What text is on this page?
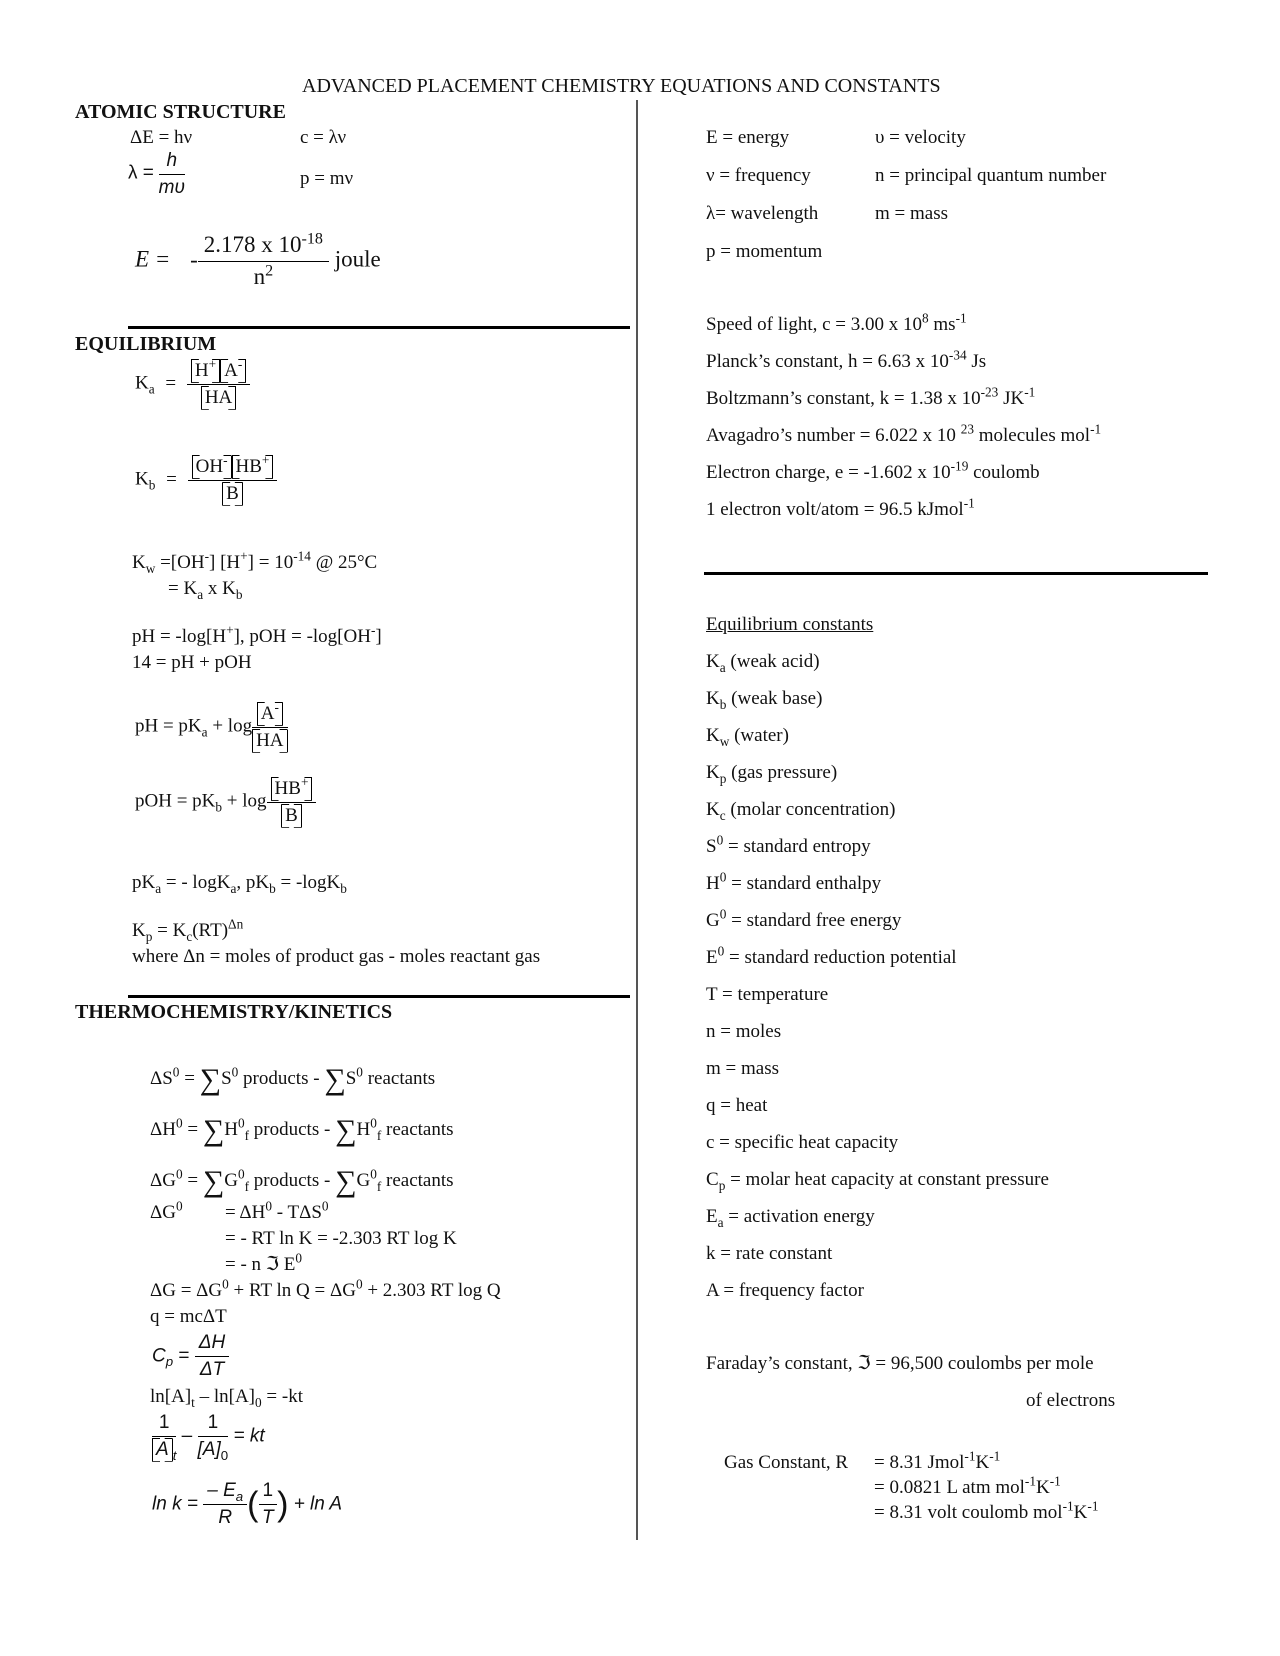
ADVANCED PLACEMENT CHEMISTRY EQUATIONS AND CONSTANTS
ATOMIC STRUCTURE
ΔE = hν	c = λν
$\lambda = \frac{h}{m\upsilon}$	p = mν
E = - $\frac{2.178 x 10^{-18}}{n^2}$ joule
EQUILIBRIUM
$K_a = \frac{H^+ A^-}{HA}$
$K_b = \frac{OH^- HB^+}{B}$
$K_w =[OH^-] [H^+] = 10^{-14}$ @ 25°C
= $K_a$ x $K_b$
pH = -log[H+], pOH = -log[OH-]
14 = pH + pOH
pH = $pK_a + \log \frac{A^-}{HA}$
pOH = $pK_b + \log \frac{HB^+}{B}$
$pK_a$ = - logK$_a$, $pK_b = -\log K_b$
$K_p = K_c(RT)^{\Delta n}$
where Δn = moles of product gas - moles reactant gas
THERMOCHEMISTRY/KINETICS
$\Delta S^0 = \sum S^0$ products - $\sum S^0$ reactants
$\Delta H^0 = \sum H^0_f$ products - $\sum H^0_f$ reactants
$\Delta G^0 = \sum G^0_f$ products - $\sum G^0_f$ reactants
$\Delta G^0 = \Delta H^0 - T\Delta S^0$
= - RT ln K = -2.303 RT log K
= - n ℑ $E^0$
$\Delta G = \Delta G^0$ + RT $\ln Q = \Delta G^0 + 2.303$ RT log Q
q = mcΔT
$C_p = \frac{\Delta H}{\Delta T}$
$\ln[A]_t - \ln[A]_0 = -kt$
$\frac{1}{A _t} - \frac{1}{[A]_0}$ = kt
$\ln k = \frac{- E_a}{R}$ ( $\frac{1}{T}$ ) + ln A
E = energy	υ = velocity
ν = frequency	n = principal quantum number
λ= wavelength	m = mass
p = momentum
Speed of light, c = 3.00 x $10^8$ $ms^{-1}$
Planck’s constant, h = 6.63 x $10^{-34}$ Js
Boltzmann’s constant, k = 1.38 x $10^{-23}$ $JK^{-1}$
Avagadro’s number = 6.022 x 10 $^{23}$ molecules mol$^{-1}$
Electron charge, e = -1.602 x $10^{-19}$ coulomb
1 electron volt/atom = 96.5 kJmol$^{-1}$
Equilibrium constants
$K_a$ (weak acid)
$K_b$ (weak base)
$K_w$ (water)
$K_p$ (gas pressure)
$K_c$ (molar concentration)
$S^0$ = standard entropy
$H^0$ = standard enthalpy
$G^0$ = standard free energy
$E^0$ = standard reduction potential
T = temperature
n = moles
m = mass
q = heat
c = specific heat capacity
$C_p$ = molar heat capacity at constant pressure
$E_a$ = activation energy
k = rate constant
A = frequency factor
Faraday’s constant, ℑ = 96,500 coulombs per mole
of electrons
Gas Constant, R = 8.31 $Jmol^{-1}K^{-1}$
= 0.0821 L atm $mol^{-1}K^{-1}$
= 8.31 volt coulomb $mol^{-1}K^{-1}$
